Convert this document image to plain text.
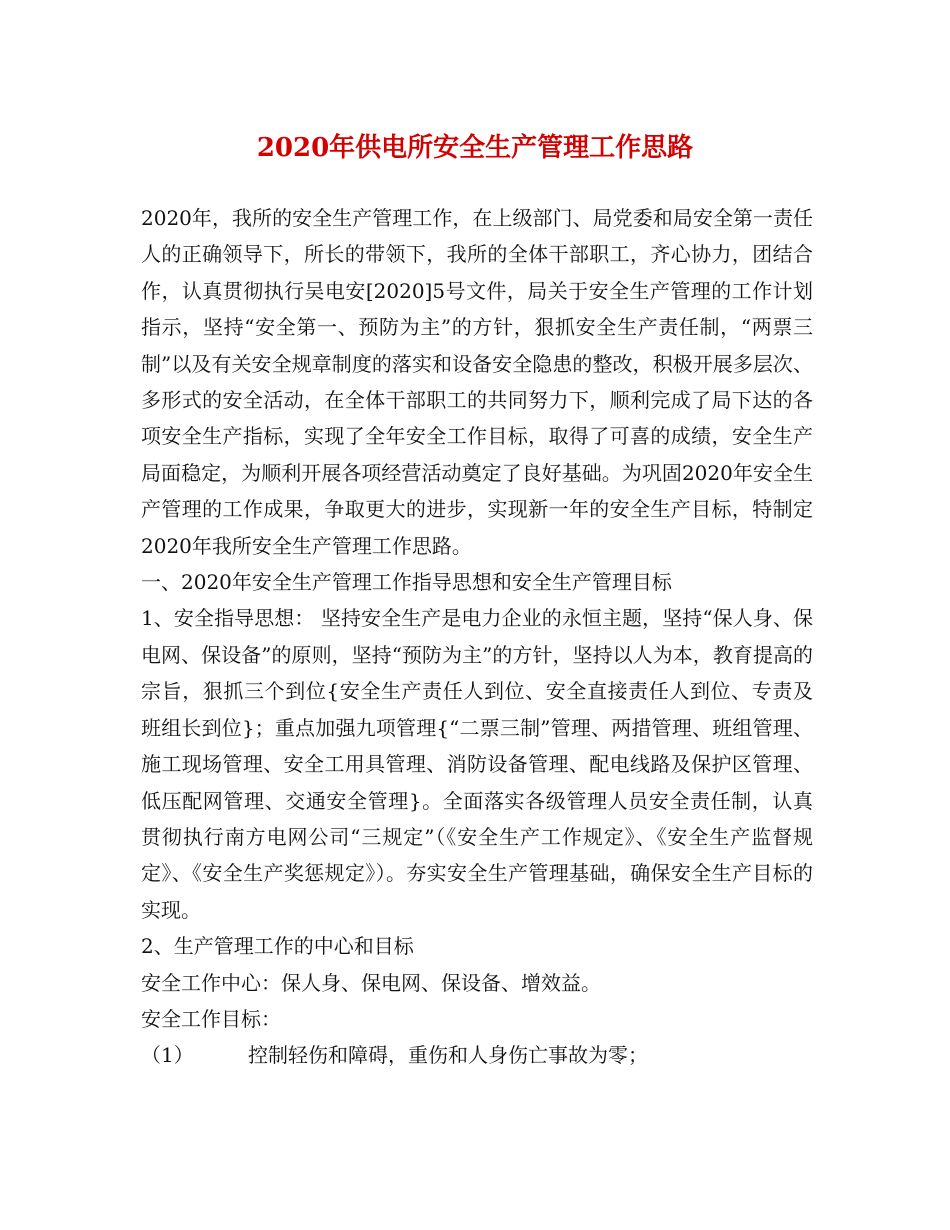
2020年供电所安全生产管理工作思路

2020年，我所的安全生产管理工作，在上级部门、局党委和局安全第一责任人的正确领导下，所长的带领下，我所的全体干部职工，齐心协力，团结合作，认真贯彻执行吴电安[2020]5号文件，局关于安全生产管理的工作计划指示，坚持“安全第一、预防为主”的方针，狠抓安全生产责任制，“两票三制”以及有关安全规章制度的落实和设备安全隐患的整改，积极开展多层次、多形式的安全活动，在全体干部职工的共同努力下，顺利完成了局下达的各项安全生产指标，实现了全年安全工作目标，取得了可喜的成绩，安全生产局面稳定，为顺利开展各项经营活动奠定了良好基础。为巩固2020年安全生产管理的工作成果，争取更大的进步，实现新一年的安全生产目标，特制定2020年我所安全生产管理工作思路。

一、2020年安全生产管理工作指导思想和安全生产管理目标

1、安全指导思想： 坚持安全生产是电力企业的永恒主题，坚持“保人身、保电网、保设备”的原则，坚持“预防为主”的方针，坚持以人为本，教育提高的宗旨，狠抓三个到位{安全生产责任人到位、安全直接责任人到位、专责及班组长到位}；重点加强九项管理{“二票三制”管理、两措管理、班组管理、施工现场管理、安全工用具管理、消防设备管理、配电线路及保护区管理、低压配网管理、交通安全管理}。全面落实各级管理人员安全责任制，认真贯彻执行南方电网公司“三规定”（《安全生产工作规定》、《安全生产监督规定》、《安全生产奖惩规定》）。夯实安全生产管理基础，确保安全生产目标的实现。

2、生产管理工作的中心和目标

安全工作中心：保人身、保电网、保设备、增效益。

安全工作目标：

（1）	控制轻伤和障碍，重伤和人身伤亡事故为零；
